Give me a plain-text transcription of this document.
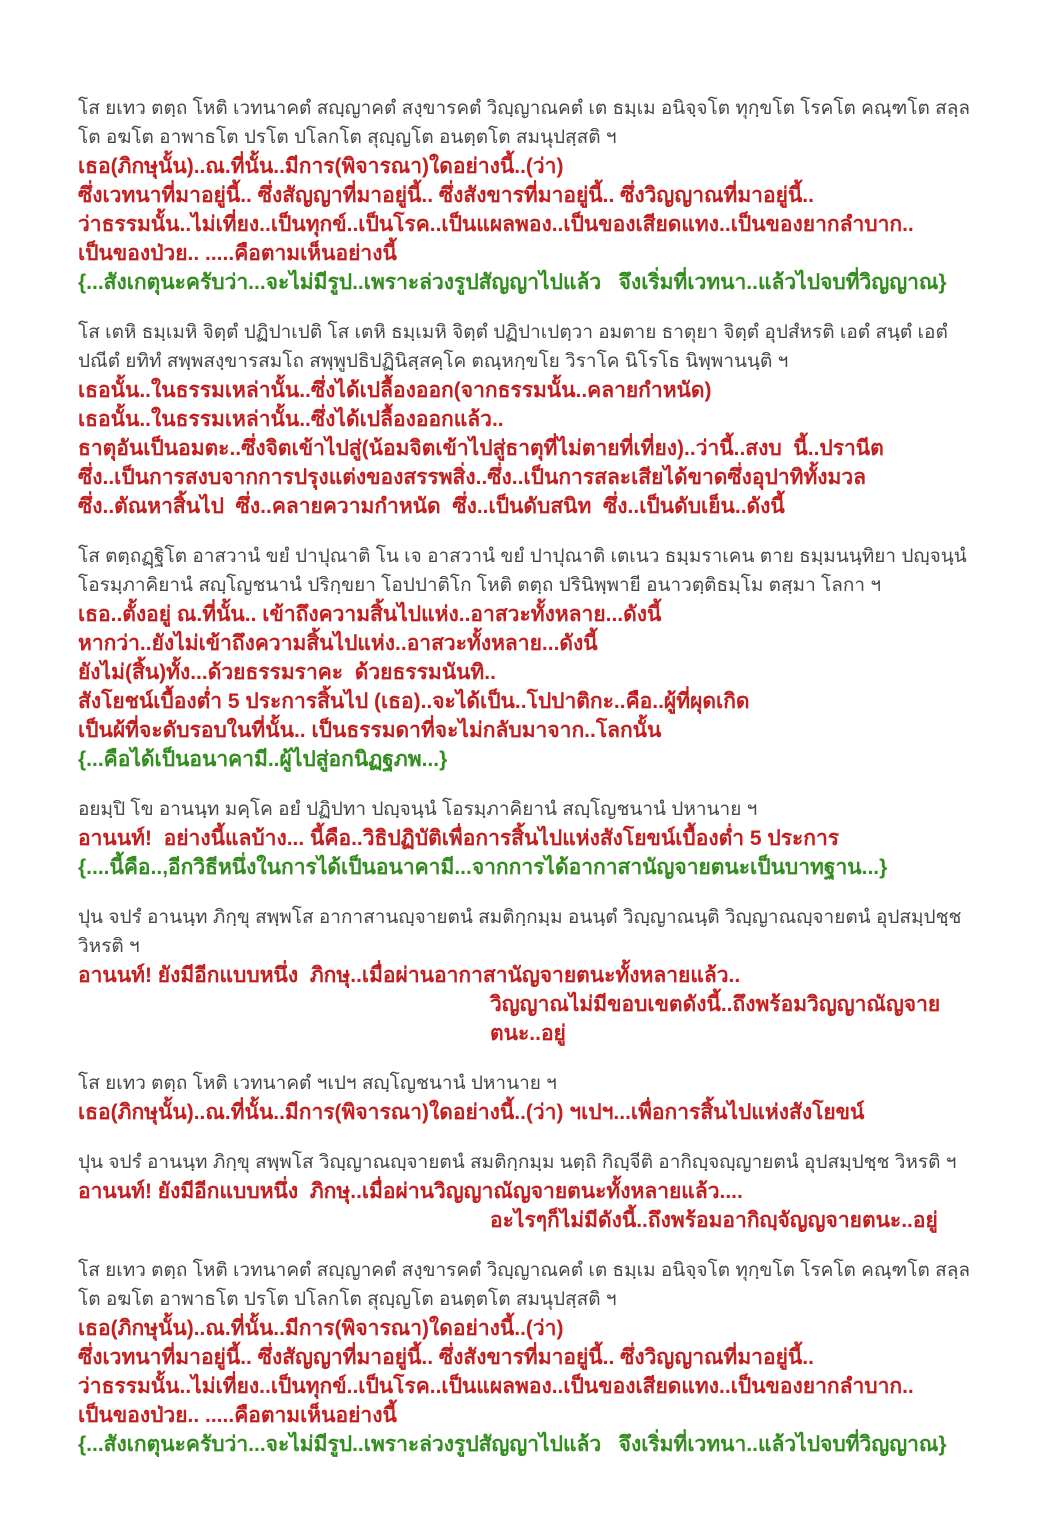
โส ยเทว ตตฺถ โหติ เวทนาคตํ สญฺญาคตํ สงฺขารคตํ วิญฺญาณคตํ เต ธมฺเม อนิจฺจโต ทุกฺขโต โรคโต คณฺฑโต สลฺล
โต อฆโต อาพาธโต ปรโต ปโลกโต สุญฺญโต อนตฺตโต สมนุปสฺสติ ฯ
เธอ(ภิกษุนั้น)..ณ.ที่นั้น..มีการ(พิจารณา)ใดอย่างนี้..(ว่า)
ซึ่งเวทนาที่มาอยู่นี้.. ซึ่งสัญญาที่มาอยู่นี้.. ซึ่งสังขารที่มาอยู่นี้.. ซึ่งวิญญาณที่มาอยู่นี้..
ว่าธรรมนั้น..ไม่เที่ยง..เป็นทุกข์..เป็นโรค..เป็นแผลพอง..เป็นของเสียดแทง..เป็นของยากลำบาก..
เป็นของป่วย.. .....คือตามเห็นอย่างนี้
{...สังเกตุนะครับว่า...จะไม่มีรูป..เพราะล่วงรูปสัญญาไปแล้ว   จึงเริ่มที่เวทนา..แล้วไปจบที่วิญญาณ}
โส เตหิ ธมฺเมหิ จิตฺตํ ปฏิปาเปติ โส เตหิ ธมฺเมหิ จิตฺตํ ปฏิปาเปตฺวา อมตาย ธาตุยา จิตฺตํ อุปสํหรติ เอตํ สนฺตํ เอตํ
ปณีตํ ยทิทํ สพฺพสงฺขารสมโถ สพฺพูปธิปฏินิสฺสคฺโค ตณฺหกฺขโย วิราโค นิโรโธ นิพฺพานนฺติ ฯ
เธอนั้น..ในธรรมเหล่านั้น..ซึ่งได้เปลื้องออก(จากธรรมนั้น..คลายกำหนัด)
เธอนั้น..ในธรรมเหล่านั้น..ซึ่งได้เปลื้องออกแล้ว..
ธาตุอันเป็นอมตะ..ซึ่งจิตเข้าไปสู่(น้อมจิตเข้าไปสู่ธาตุที่ไม่ตายที่เที่ยง)..ว่านี้..สงบ  นี้..ปรานีต
ซึ่ง..เป็นการสงบจากการปรุงแต่งของสรรพสิ่ง..ซึ่ง..เป็นการสละเสียได้ขาดซึ่งอุปาทิทั้งมวล
ซึ่ง..ตัณหาสิ้นไป  ซึ่ง..คลายความกำหนัด  ซึ่ง..เป็นดับสนิท  ซึ่ง..เป็นดับเย็น..ดังนี้
โส ตตฺถฏฺฐิโต อาสวานํ ขยํ ปาปุณาติ โน เจ อาสวานํ ขยํ ปาปุณาติ เตเนว ธมฺมราเคน ตาย ธมฺมนนฺทิยา ปญฺจนฺนํ
โอรมฺภาคิยานํ สญฺโญชนานํ ปริกฺขยา โอปปาติโก โหติ ตตฺถ ปรินิพฺพายี อนาวตฺติธมฺโม ตสฺมา โลกา ฯ
เธอ..ตั้งอยู่ ณ.ที่นั้น.. เข้าถึงความสิ้นไปแห่ง..อาสวะทั้งหลาย...ดังนี้
หากว่า..ยังไม่เข้าถึงความสิ้นไปแห่ง..อาสวะทั้งหลาย...ดังนี้
ยังไม่(สิ้น)ทั้ง...ด้วยธรรมราคะ  ด้วยธรรมนันทิ..
สังโยชน์เบื้องต่ำ 5 ประการสิ้นไป (เธอ)..จะได้เป็น..โปปาติกะ..คือ..ผู้ที่ผุดเกิด
เป็นผ้ที่จะดับรอบในที่นั้น.. เป็นธรรมดาที่จะไม่กลับมาจาก..โลกนั้น
{...คือได้เป็นอนาคามี..ผู้ไปสู่อกนิฏฐภพ...}
อยมฺปิ โข อานนฺท มคฺโค อยํ ปฏิปทา ปญฺจนฺนํ โอรมฺภาคิยานํ สญฺโญชนานํ ปหานาย ฯ
อานนท์!  อย่างนี้แลบ้าง... นี้คือ..วิธิปฏิบัติเพื่อการสิ้นไปแห่งสังโยขน์เบื้องต่ำ 5 ประการ
{....นี้คือ..,อีกวิธีหนึ่งในการได้เป็นอนาคามี...จากการได้อากาสานัญจายตนะเป็นบาทฐาน...}
ปุน จปรํ อานนฺท ภิกฺขุ สพฺพโส อากาสานญฺจายตนํ สมติกฺกมฺม อนนฺตํ วิญฺญาณนฺติ วิญฺญาณญฺจายตนํ อุปสมฺปชฺช
วิหรติ ฯ
อานนท์! ยังมีอีกแบบหนึ่ง  ภิกษุ..เมื่อผ่านอากาสานัญจายตนะทั้งหลายแล้ว..
วิญญาณไม่มีขอบเขตดังนี้..ถึงพร้อมวิญญาณัญจายตนะ..อยู่
โส ยเทว ตตฺถ โหติ เวทนาคตํ ฯเปฯ สญฺโญชนานํ ปหานาย ฯ
เธอ(ภิกษุนั้น)..ณ.ที่นั้น..มีการ(พิจารณา)ใดอย่างนี้..(ว่า) ฯเปฯ...เพื่อการสิ้นไปแห่งสังโยขน์
ปุน จปรํ อานนฺท ภิกฺขุ สพฺพโส วิญฺญาณญฺจายตนํ สมติกฺกมฺม นตฺถิ กิญฺจีติ อากิญฺจญฺญายตนํ อุปสมฺปชฺช วิหรติ ฯ
อานนท์! ยังมีอีกแบบหนึ่ง  ภิกษุ..เมื่อผ่านวิญญาณัญจายตนะทั้งหลายแล้ว....
อะไรๆก็ไม่มีดังนี้..ถึงพร้อมอากิญฺจัญญจายตนะ..อยู่
โส ยเทว ตตฺถ โหติ เวทนาคตํ สญฺญาคตํ สงฺขารคตํ วิญฺญาณคตํ เต ธมฺเม อนิจฺจโต ทุกฺขโต โรคโต คณฺฑโต สลฺล
โต อฆโต อาพาธโต ปรโต ปโลกโต สุญฺญโต อนตฺตโต สมนุปสฺสติ ฯ
เธอ(ภิกษุนั้น)..ณ.ที่นั้น..มีการ(พิจารณา)ใดอย่างนี้..(ว่า)
ซึ่งเวทนาที่มาอยู่นี้.. ซึ่งสัญญาที่มาอยู่นี้.. ซึ่งสังขารที่มาอยู่นี้.. ซึ่งวิญญาณที่มาอยู่นี้..
ว่าธรรมนั้น..ไม่เที่ยง..เป็นทุกข์..เป็นโรค..เป็นแผลพอง..เป็นของเสียดแทง..เป็นของยากลำบาก..
เป็นของป่วย.. .....คือตามเห็นอย่างนี้
{...สังเกตุนะครับว่า...จะไม่มีรูป..เพราะล่วงรูปสัญญาไปแล้ว   จึงเริ่มที่เวทนา..แล้วไปจบที่วิญญาณ}
